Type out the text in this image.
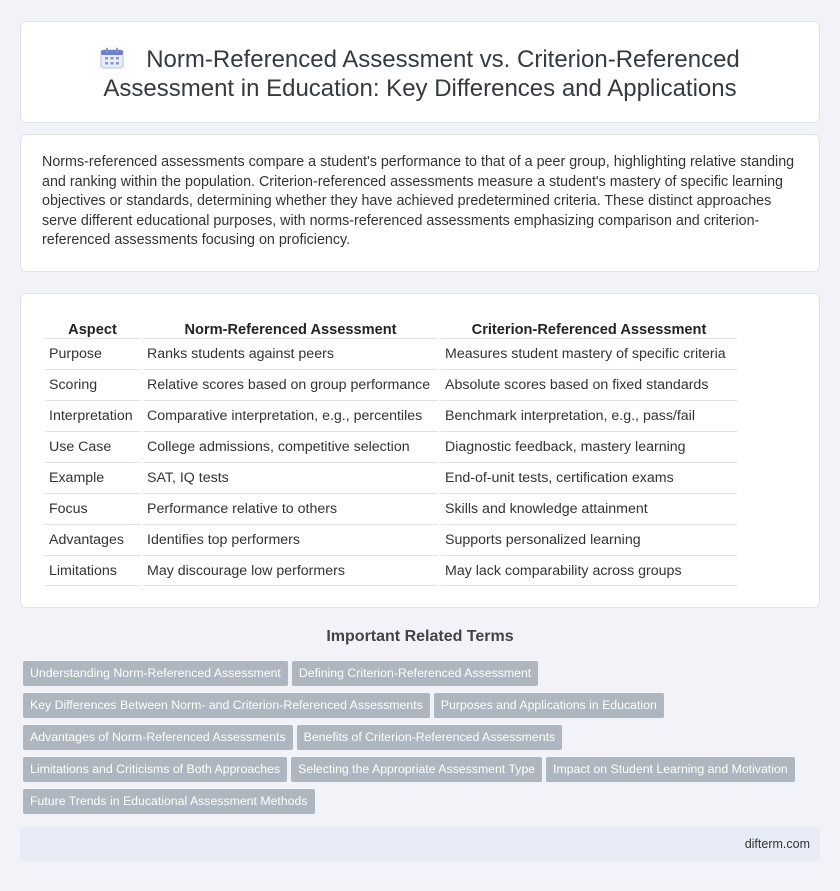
Norm-Referenced Assessment vs. Criterion-Referenced Assessment in Education: Key Differences and Applications

Norms-referenced assessments compare a student's performance to that of a peer group, highlighting relative standing and ranking within the population. Criterion-referenced assessments measure a student's mastery of specific learning objectives or standards, determining whether they have achieved predetermined criteria. These distinct approaches serve different educational purposes, with norms-referenced assessments emphasizing comparison and criterion-referenced assessments focusing on proficiency.

Aspect	Norm-Referenced Assessment	Criterion-Referenced Assessment
Purpose	Ranks students against peers	Measures student mastery of specific criteria
Scoring	Relative scores based on group performance	Absolute scores based on fixed standards
Interpretation	Comparative interpretation, e.g., percentiles	Benchmark interpretation, e.g., pass/fail
Use Case	College admissions, competitive selection	Diagnostic feedback, mastery learning
Example	SAT, IQ tests	End-of-unit tests, certification exams
Focus	Performance relative to others	Skills and knowledge attainment
Advantages	Identifies top performers	Supports personalized learning
Limitations	May discourage low performers	May lack comparability across groups
Important Related Terms
Understanding Norm-Referenced Assessment Defining Criterion-Referenced Assessment
Key Differences Between Norm- and Criterion-Referenced Assessments Purposes and Applications in Education
Advantages of Norm-Referenced Assessments Benefits of Criterion-Referenced Assessments
Limitations and Criticisms of Both Approaches Selecting the Appropriate Assessment Type Impact on Student Learning and Motivation
Future Trends in Educational Assessment Methods
difterm.com
